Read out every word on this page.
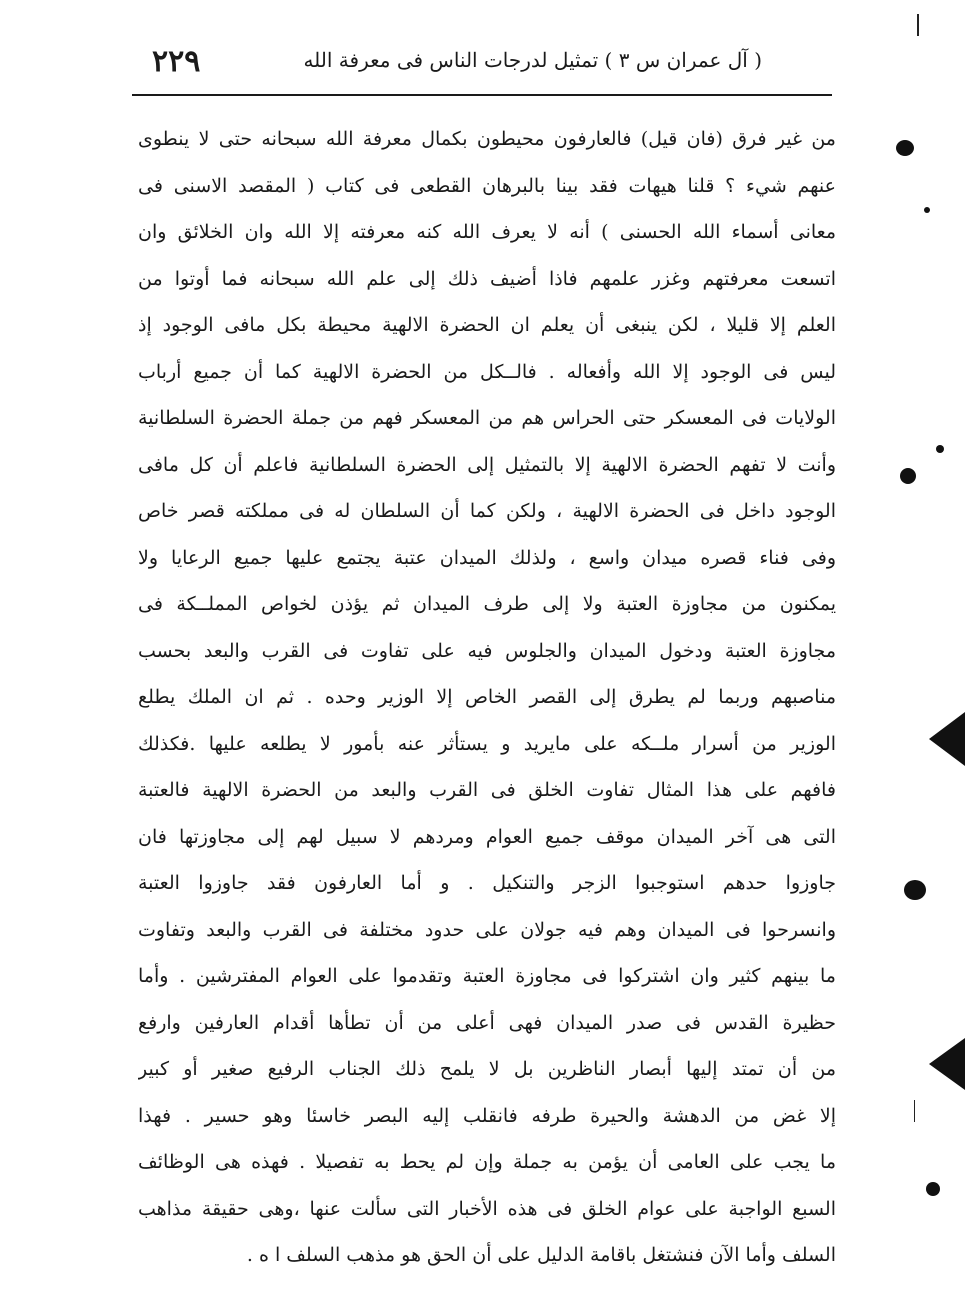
( آل عمران س ٣ ) تمثيل لدرجات الناس فى معرفة الله
٢٢٩
من غير فرق (فان قيل) فالعارفون محيطون بكمال معرفة الله سبحانه حتى لا ينطوى
عنهم شيء ؟ قلنا هيهات فقد بينا بالبرهان القطعى فى كتاب ( المقصد الاسنى فى
معانى أسماء الله الحسنى ) أنه لا يعرف الله كنه معرفته إلا الله وان الخلائق وان
اتسعت معرفتهم وغزر علمهم فاذا أضيف ذلك إلى علم الله سبحانه فما أوتوا من
العلم إلا قليلا ، لكن ينبغى أن يعلم ان الحضرة الالهية محيطة بكل مافى الوجود إذ
ليس فى الوجود إلا الله وأفعاله . فالــكل من الحضرة الالهية كما أن جميع أرباب
الولايات فى المعسكر حتى الحراس هم من المعسكر فهم من جملة الحضرة السلطانية
وأنت لا تفهم الحضرة الالهية إلا بالتمثيل إلى الحضرة السلطانية فاعلم أن كل مافى
الوجود داخل فى الحضرة الالهية ، ولكن كما أن السلطان له فى مملكته قصر خاص
وفى فناء قصره ميدان واسع ، ولذلك الميدان عتبة يجتمع عليها جميع الرعايا ولا
يمكنون من مجاوزة العتبة ولا إلى طرف الميدان ثم يؤذن لخواص المملــكة فى
مجاوزة العتبة ودخول الميدان والجلوس فيه على تفاوت فى القرب والبعد بحسب
مناصبهم وربما لم يطرق إلى القصر الخاص إلا الوزير وحده . ثم ان الملك يطلع
الوزير من أسرار ملــكه على مايريد و يستأثر عنه بأمور لا يطلعه عليها .فكذلك
فافهم على هذا المثال تفاوت الخلق فى القرب والبعد من الحضرة الالهية فالعتبة
التى هى آخر الميدان موقف جميع العوام ومردهم لا سبيل لهم إلى مجاوزتها فان
جاوزوا حدهم استوجبوا الزجر والتنكيل . و أما العارفون فقد جاوزوا العتبة
وانسرحوا فى الميدان وهم فيه جولان على حدود مختلفة فى القرب والبعد وتفاوت
ما بينهم كثير وان اشتركوا فى مجاوزة العتبة وتقدموا على العوام المفترشين . وأما
حظيرة القدس فى صدر الميدان فهى أعلى من أن تطأها أقدام العارفين وارفع
من أن تمتد إليها أبصار الناظرين بل لا يلمح ذلك الجناب الرفيع صغير أو كبير
إلا غض من الدهشة والحيرة طرفه فانقلب إليه البصر خاسئا وهو حسير . فهذا
ما يجب على العامى أن يؤمن به جملة وإن لم يحط به تفصيلا . فهذه هى الوظائف
السبع الواجبة على عوام الخلق فى هذه الأخبار التى سألت عنها ،وهى حقيقة مذاهب
السلف وأما الآن فنشتغل باقامة الدليل على أن الحق هو مذهب السلف ا ه .
